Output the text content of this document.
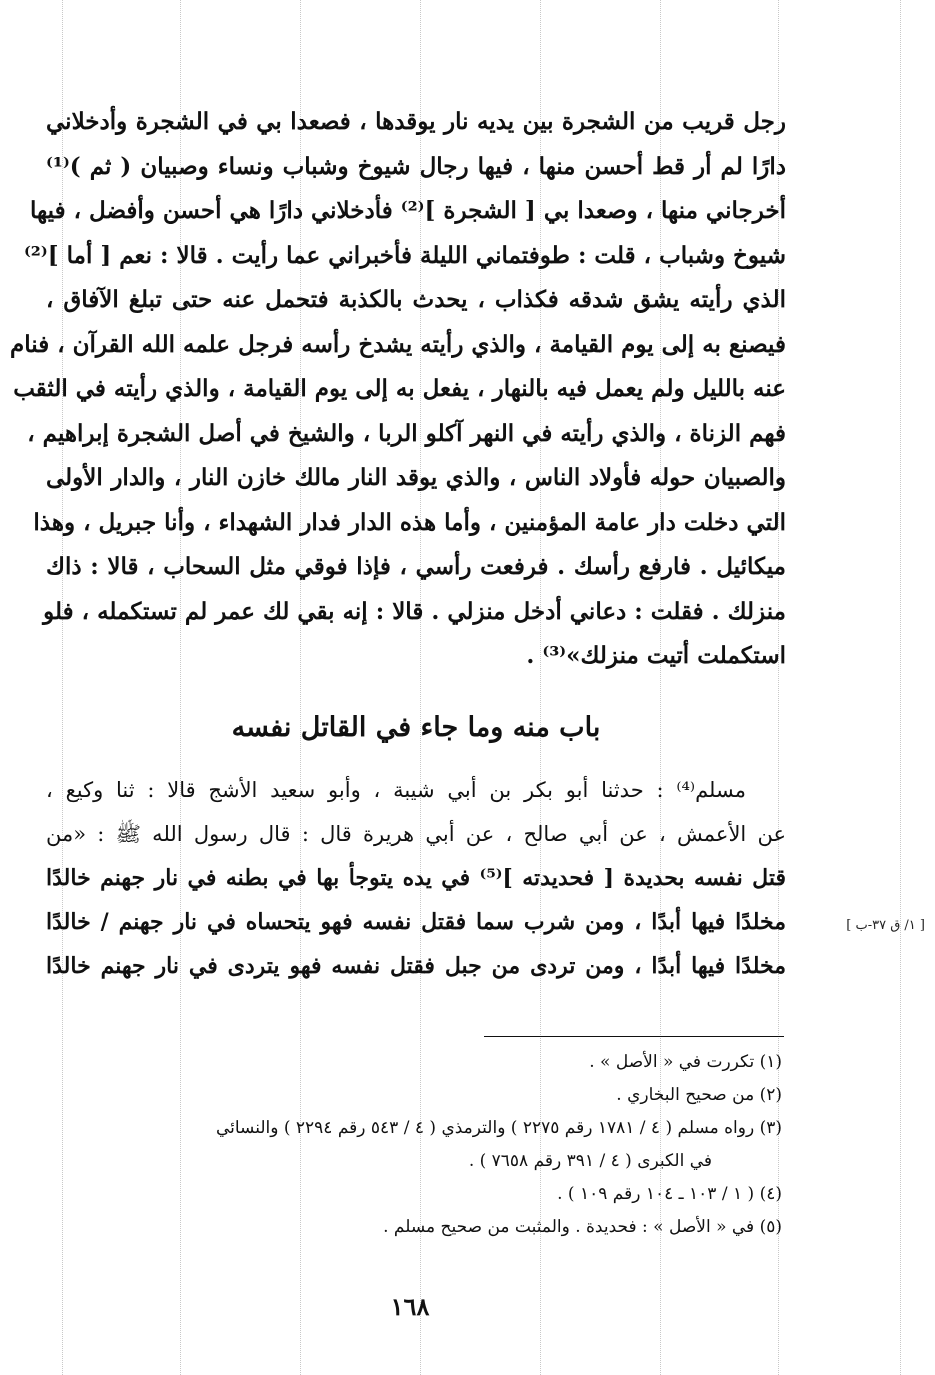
رجل قريب من الشجرة بين يديه نار يوقدها ، فصعدا بي في الشجرة وأدخلاني
دارًا لم أر قط أحسن منها ، فيها رجال شيوخ وشباب ونساء وصبيان ( ثم )⁽¹⁾
أخرجاني منها ، وصعدا بي [ الشجرة ]⁽²⁾ فأدخلاني دارًا هي أحسن وأفضل ، فيها
شيوخ وشباب ، قلت : طوفتماني الليلة فأخبراني عما رأيت . قالا : نعم [ أما ]⁽²⁾
الذي رأيته يشق شدقه فكذاب ، يحدث بالكذبة فتحمل عنه حتى تبلغ الآفاق ،
فيصنع به إلى يوم القيامة ، والذي رأيته يشدخ رأسه فرجل علمه الله القرآن ، فنام
عنه بالليل ولم يعمل فيه بالنهار ، يفعل به إلى يوم القيامة ، والذي رأيته في الثقب
فهم الزناة ، والذي رأيته في النهر آكلو الربا ، والشيخ في أصل الشجرة إبراهيم ،
والصبيان حوله فأولاد الناس ، والذي يوقد النار مالك خازن النار ، والدار الأولى
التي دخلت دار عامة المؤمنين ، وأما هذه الدار فدار الشهداء ، وأنا جبريل ، وهذا
ميكائيل . فارفع رأسك . فرفعت رأسي ، فإذا فوقي مثل السحاب ، قالا : ذاك
منزلك . فقلت : دعاني أدخل منزلي . قالا : إنه بقي لك عمر لم تستكمله ، فلو
استكملت أتيت منزلك»⁽³⁾ .
باب منه وما جاء في القاتل نفسه
مسلم⁽⁴⁾ : حدثنا أبو بكر بن أبي شيبة ، وأبو سعيد الأشج قالا : ثنا وكيع ،
عن الأعمش ، عن أبي صالح ، عن أبي هريرة قال : قال رسول الله ﷺ : «من
قتل نفسه بحديدة [ فحديدته ]⁽⁵⁾ في يده يتوجأ بها في بطنه في نار جهنم خالدًا
مخلدًا فيها أبدًا ، ومن شرب سما فقتل نفسه فهو يتحساه في نار جهنم / خالدًا
مخلدًا فيها أبدًا ، ومن تردى من جبل فقتل نفسه فهو يتردى في نار جهنم خالدًا
[ ١/ ق ٣٧-ب ]
(١) تكررت في « الأصل » .
(٢) من صحيح البخاري .
(٣) رواه مسلم ( ٤ / ١٧٨١ رقم ٢٢٧٥ ) والترمذي ( ٤ / ٥٤٣ رقم ٢٢٩٤ ) والنسائي
في الكبرى ( ٤ / ٣٩١ رقم ٧٦٥٨ ) .
(٤) ( ١ / ١٠٣ ـ ١٠٤ رقم ١٠٩ ) .
(٥) في « الأصل » : فحديدة . والمثبت من صحيح مسلم .
١٦٨
